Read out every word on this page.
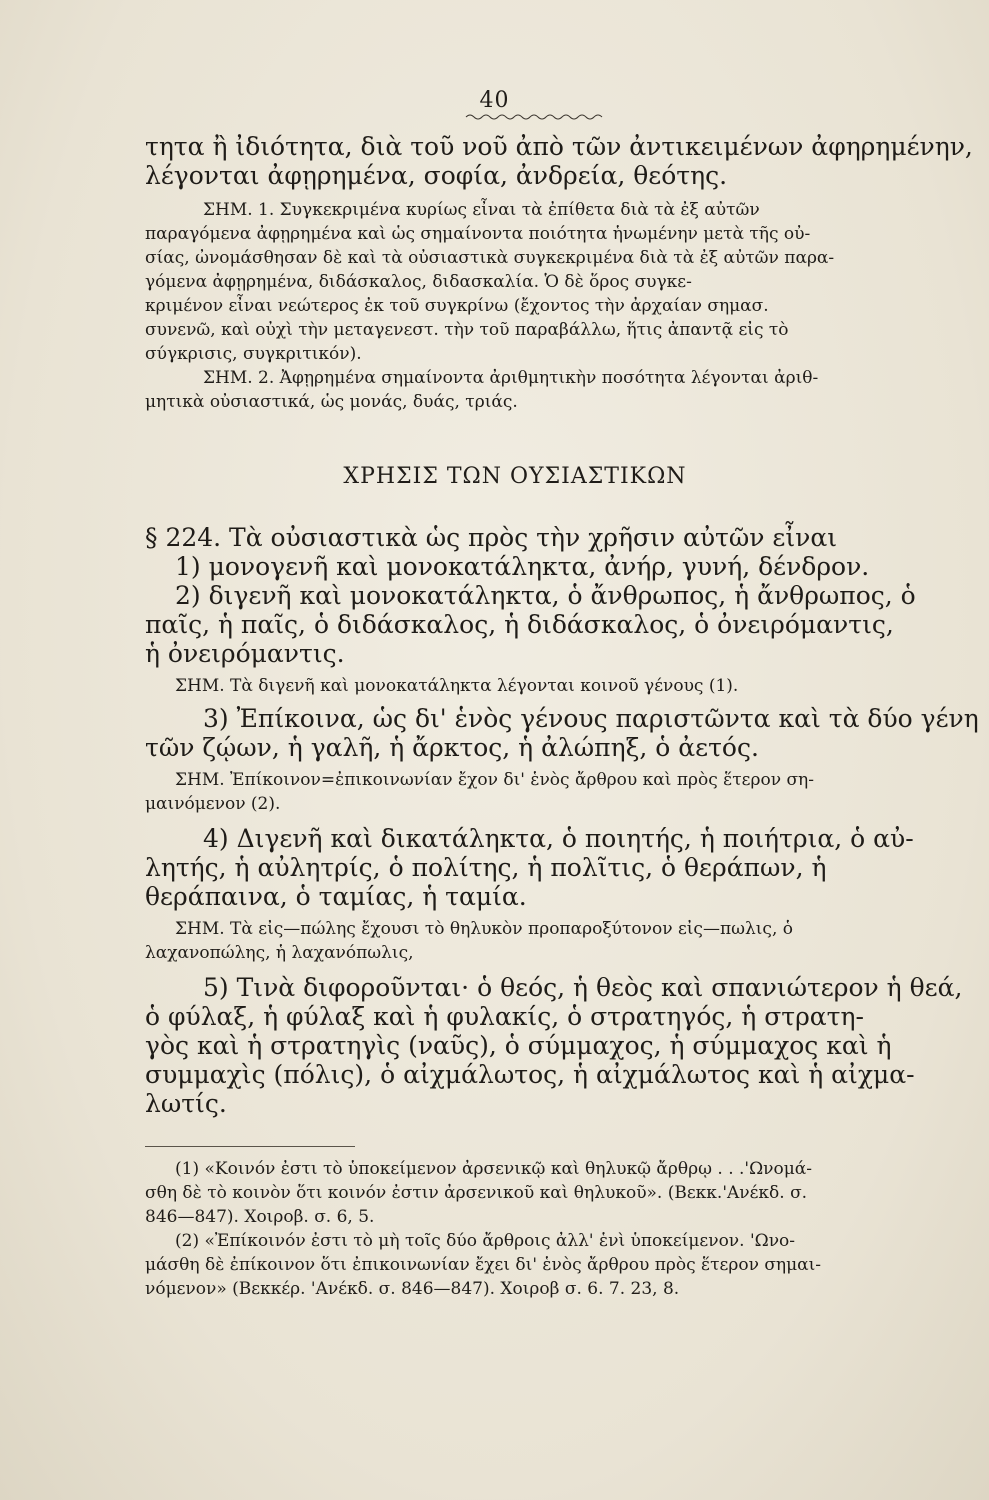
40
τητα ἢ ἰδιότητα, διὰ τοῦ νοῦ ἀπὸ τῶν ἀντικειμένων ἀφηρημένην,
λέγονται ἀφῃρημένα, σοφία, ἀνδρεία, θεότης.
ΣΗΜ. 1. Συγκεκριμένα κυρίως εἶναι τὰ ἐπίθετα διὰ τὰ ἐξ αὐτῶν
παραγόμενα ἀφῃρημένα καὶ ὡς σημαίνοντα ποιότητα ἡνωμένην μετὰ τῆς οὐ-
σίας, ὠνομάσθησαν δὲ καὶ τὰ οὐσιαστικὰ συγκεκριμένα διὰ τὰ ἐξ αὐτῶν παρα-
γόμενα ἀφῃρημένα, διδάσκαλος, διδασκαλία. Ὁ δὲ ὅρος συγκε-
κριμένον εἶναι νεώτερος ἐκ τοῦ συγκρίνω (ἔχοντος τὴν ἀρχαίαν σημασ.
συνενῶ, καὶ οὐχὶ τὴν μεταγενεστ. τὴν τοῦ παραβάλλω, ἥτις ἀπαντᾷ εἰς τὸ
σύγκρισις, συγκριτικόν).
ΣΗΜ. 2. Ἀφῃρημένα σημαίνοντα ἀριθμητικὴν ποσότητα λέγονται ἀριθ-
μητικὰ οὐσιαστικά, ὡς μονάς, δυάς, τριάς.
ΧΡΗΣΙΣ ΤΩΝ ΟΥΣΙΑΣΤΙΚΩΝ
§ 224. Τὰ οὐσιαστικὰ ὡς πρὸς τὴν χρῆσιν αὐτῶν εἶναι
1) μονογενῆ καὶ μονοκατάληκτα, ἀνήρ, γυνή, δένδρον.
2) διγενῆ καὶ μονοκατάληκτα, ὁ ἄνθρωπος, ἡ ἄνθρωπος, ὁ
παῖς, ἡ παῖς, ὁ διδάσκαλος, ἡ διδάσκαλος, ὁ ὀνειρόμαντις,
ἡ ὀνειρόμαντις.
ΣΗΜ. Τὰ διγενῆ καὶ μονοκατάληκτα λέγονται κοινοῦ γένους (1).
3) Ἐπίκοινα, ὡς δι' ἑνὸς γένους παριστῶντα καὶ τὰ δύο γένη
τῶν ζῴων, ἡ γαλῆ, ἡ ἄρκτος, ἡ ἀλώπηξ, ὁ ἀετός.
ΣΗΜ. Ἐπίκοινον=ἐπικοινωνίαν ἔχον δι' ἑνὸς ἄρθρου καὶ πρὸς ἕτερον ση-
μαινόμενον (2).
4) Διγενῆ καὶ δικατάληκτα, ὁ ποιητής, ἡ ποιήτρια, ὁ αὐ-
λητής, ἡ αὐλητρίς, ὁ πολίτης, ἡ πολῖτις, ὁ θεράπων, ἡ
θεράπαινα, ὁ ταμίας, ἡ ταμία.
ΣΗΜ. Τὰ εἰς—πώλης ἔχουσι τὸ θηλυκὸν προπαροξύτονον εἰς—πωλις, ὁ
λαχανοπώλης, ἡ λαχανόπωλις,
5) Τινὰ διφοροῦνται· ὁ θεός, ἡ θεὸς καὶ σπανιώτερον ἡ θεά,
ὁ φύλαξ, ἡ φύλαξ καὶ ἡ φυλακίς, ὁ στρατηγός, ἡ στρατη-
γὸς καὶ ἡ στρατηγὶς (ναῦς), ὁ σύμμαχος, ἡ σύμμαχος καὶ ἡ
συμμαχὶς (πόλις), ὁ αἰχμάλωτος, ἡ αἰχμάλωτος καὶ ἡ αἰχμα-
λωτίς.
(1) «Κοινόν ἐστι τὸ ὑποκείμενον ἀρσενικῷ καὶ θηλυκῷ ἄρθρῳ . . .'Ωνομά-
σθη δὲ τὸ κοινὸν ὅτι κοινόν ἐστιν ἀρσενικοῦ καὶ θηλυκοῦ». (Βεκκ.'Ανέκδ. σ.
846—847). Χοιροβ. σ. 6, 5.
(2) «Ἐπίκοινόν ἐστι τὸ μὴ τοῖς δύο ἄρθροις ἀλλ' ἑνὶ ὑποκείμενον. 'Ωνο-
μάσθη δὲ ἐπίκοινον ὅτι ἐπικοινωνίαν ἔχει δι' ἑνὸς ἄρθρου πρὸς ἕτερον σημαι-
νόμενον» (Βεκκέρ. 'Ανέκδ. σ. 846—847). Χοιροβ σ. 6. 7. 23, 8.
